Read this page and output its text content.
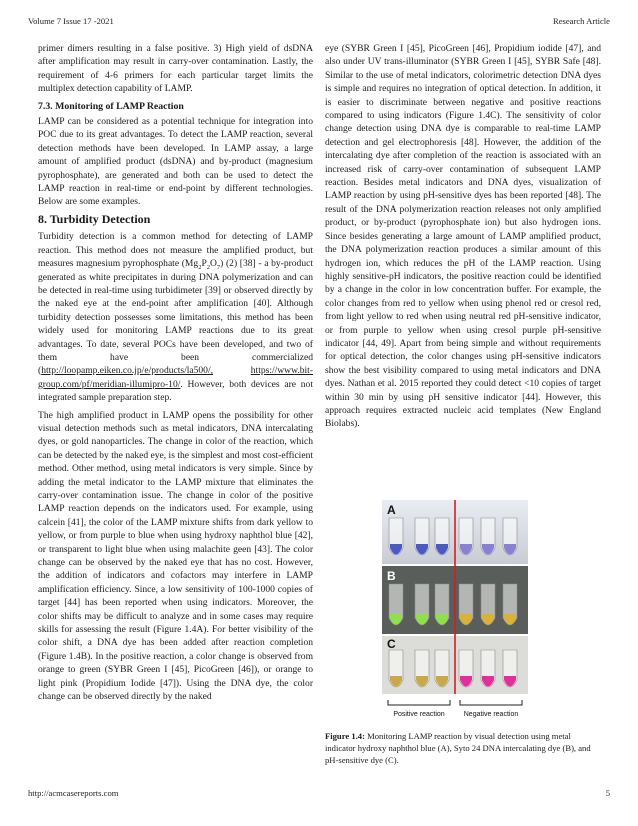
Volume 7 Issue 17 -2021	Research Article

primer dimers resulting in a false positive. 3) High yield of dsDNA after amplification may result in carry-over contamination. Lastly, the requirement of 4-6 primers for each particular target limits the multiplex detection capability of LAMP.

7.3. Monitoring of LAMP Reaction

LAMP can be considered as a potential technique for integration into POC due to its great advantages. To detect the LAMP reaction, several detection methods have been developed. In LAMP assay, a large amount of amplified product (dsDNA) and by-product (magnesium pyrophosphate), are generated and both can be used to detect the LAMP reaction in real-time or end-point by different technologies. Below are some examples.

8. Turbidity Detection

Turbidity detection is a common method for detecting of LAMP reaction. This method does not measure the amplified product, but measures magnesium pyrophosphate $(Mg_2P_2O_7)$ (2) [38] - a by-product generated as white precipitates in during DNA polymerization and can be detected in real-time using turbidimeter [39] or observed directly by the naked eye at the end-point after amplification [40]. Although turbidity detection possesses some limitations, this method has been widely used for monitoring LAMP reactions due to its great advantages. To date, several POCs have been developed, and two of them have been commercialized (http://loopamp.eiken.co.jp/e/products/la500/,	https://www.bit-group.com/pf/meridian-illumipro-10/. However, both devices are not integrated sample preparation step.

The high amplified product in LAMP opens the possibility for other visual detection methods such as metal indicators, DNA intercalating dyes, or gold nanoparticles. The change in color of the reaction, which can be detected by the naked eye, is the simplest and most cost-efficient method. Other method, using metal indicators is very simple. Since by adding the metal indicator to the LAMP mixture that eliminates the carry-over contamination issue. The change in color of the positive LAMP reaction depends on the indicators used. For example, using calcein [41], the color of the LAMP mixture shifts from dark yellow to yellow, or from purple to blue when using hydroxy naphthol blue [42], or transparent to light blue when using malachite geen [43]. The color change can be observed by the naked eye that has no cost. However, the addition of indicators and cofactors may interfere in LAMP amplification efficiency. Since, a low sensitivity of 100-1000 copies of target [44] has been reported when using indicators. Moreover, the color shifts may be difficult to analyze and in some cases may require skills for assessing the result (Figure 1.4A). For better visibility of the color shift, a DNA dye has been added after reaction completion (Figure 1.4B). In the positive reaction, a color change is observed from orange to green (SYBR Green I [45], PicoGreen [46]), or orange to light pink (Propidium Iodide [47]). Using the DNA dye, the color change can be observed directly by the naked

eye (SYBR Green I [45], PicoGreen [46], Propidium iodide [47], and also under UV trans-illuminator (SYBR Green I [45], SYBR Safe [48]. Similar to the use of metal indicators, colorimetric detection DNA dyes is simple and requires no integration of optical detection. In addition, it is easier to discriminate between negative and positive reactions compared to using indicators (Figure 1.4C). The sensitivity of color change detection using DNA dye is comparable to real-time LAMP detection and gel electrophoresis [48]. However, the addition of the intercalating dye after completion of the reaction is associated with an increased risk of carry-over contamination of subsequent LAMP reaction. Besides metal indicators and DNA dyes, visualization of LAMP reaction by using pH-sensitive dyes has been reported [48]. The result of the DNA polymerization reaction releases not only amplified product, or by-product (pyrophosphate ion) but also hydrogen ions. Since besides generating a large amount of LAMP amplified product, the DNA polymerization reaction produces a similar amount of this hydrogen ion, which reduces the pH of the LAMP reaction. Using highly sensitive-pH indicators, the positive reaction could be identified by a change in the color in low concentration buffer. For example, the color changes from red to yellow when using phenol red or cresol red, from light yellow to red when using neutral red pH-sensitive indicator, or from purple to yellow when using cresol purple pH-sensitive indicator [44, 49]. Apart from being simple and without requirements for optical detection, the color changes using pH-sensitive indicators show the best visibility compared to using metal indicators and DNA dyes. Nathan et al. 2015 reported they could detect <10 copies of target within 30 min by using pH sensitive indicator [44]. However, this approach requires extracted nucleic acid templates (New England Biolabs).

A
B
C
Positive reaction	Negative reaction
Figure 1.4: Monitoring LAMP reaction by visual detection using metal indicator hydroxy naphthol blue (A), Syto 24 DNA intercalating dye (B), and pH-sensitive dye (C).
http://acmcasereports.com	5
